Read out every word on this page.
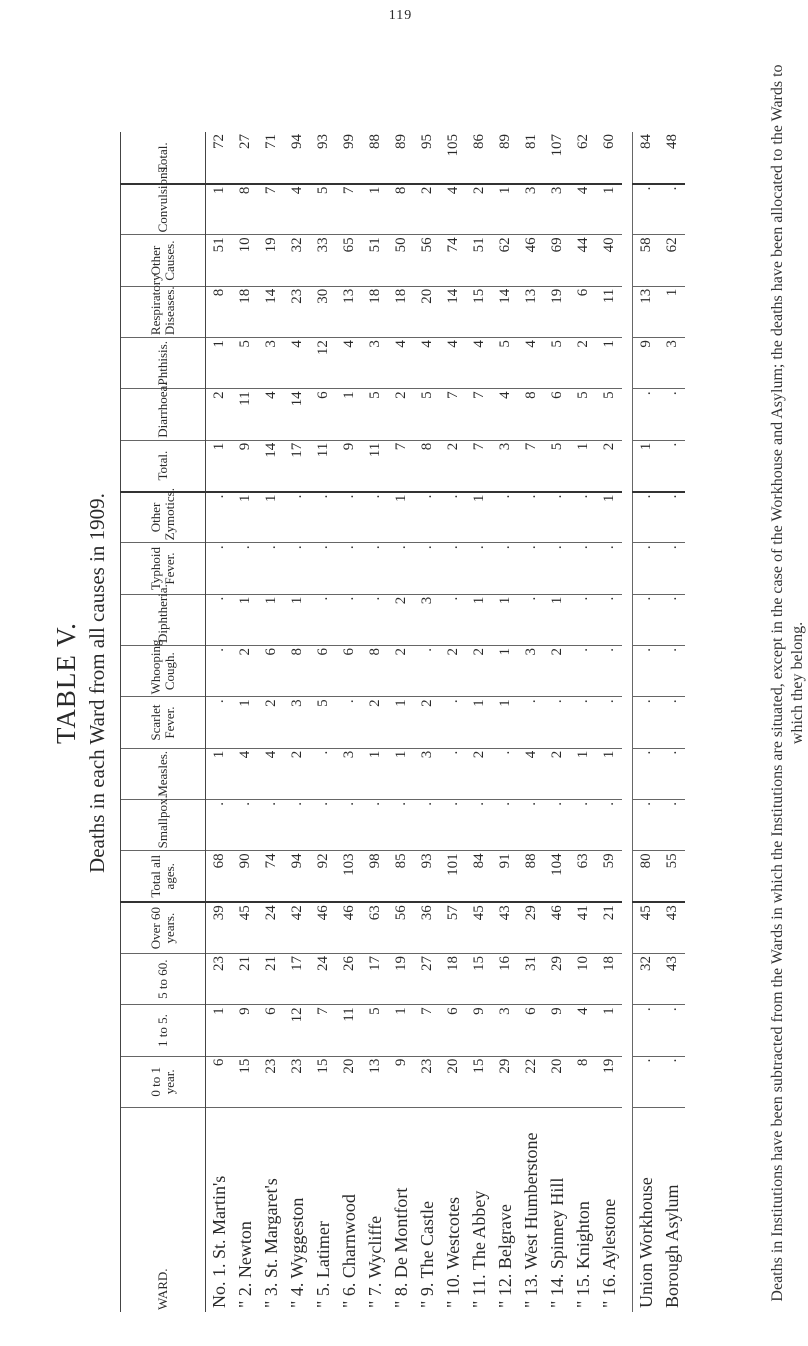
119
TABLE V. Deaths in each Ward from all causes in 1909.
WARD.	0 to 1 year.	1 to 5.	5 to 60.	Over 60 years.	Total all ages.	Smallpox.	Measles.	Scarlet Fever.	Whooping Cough.	Diphtheria.	Typhoid Fever.	Other Zymotics.	Total.	Diarrhoea.	Phthisis.	Respiratory Diseases.	Other Causes.	Convulsions.	Total.
No. 1. St. Martin's	6	1	23	39	68	.	1	.	.	.	.	.	1	2	1	8	51	1	72
" 2. Newton	15	9	21	45	90	.	4	1	2	1	.	1	9	11	5	18	10	8	27
" 3. St. Margaret's	23	6	21	24	74	.	4	2	6	1	.	1	14	4	3	14	19	7	71
" 4. Wyggeston	23	12	17	42	94	.	2	3	8	1	.	.	17	14	4	23	32	4	94
" 5. Latimer	15	7	24	46	92	.	.	5	6	.	.	.	11	6	12	30	33	5	93
" 6. Charnwood	20	11	26	46	103	.	3	.	6	.	.	.	9	1	4	13	65	7	99
" 7. Wycliffe	13	5	17	63	98	.	1	2	8	.	.	.	11	5	3	18	51	1	88
" 8. De Montfort	9	1	19	56	85	.	1	1	2	2	.	1	7	2	4	18	50	8	89
" 9. The Castle	23	7	27	36	93	.	3	2	.	3	.	.	8	5	4	20	56	2	95
" 10. Westcotes	20	6	18	57	101	.	.	.	2	.	.	.	2	7	4	14	74	4	105
" 11. The Abbey	15	9	15	45	84	.	2	1	2	1	.	1	7	7	4	15	51	2	86
" 12. Belgrave	29	3	16	43	91	.	.	1	1	1	.	.	3	4	5	14	62	1	89
" 13. West Humberstone	22	6	31	29	88	.	4	.	3	.	.	.	7	8	4	13	46	3	81
" 14. Spinney Hill	20	9	29	46	104	.	2	.	2	1	.	.	5	6	5	19	69	3	107
" 15. Knighton	8	4	10	41	63	.	1	.	.	.	.	.	1	5	2	6	44	4	62
" 16. Aylestone	19	1	18	21	59	.	1	.	.	.	.	1	2	5	1	11	40	1	60

Union Workhouse	.	.	32	45	80	.	.	.	.	.	.	.	1	.	9	13	58	.	84
Borough Asylum	.	.	43	43	55	.	.	.	.	.	.	.	.	.	3	1	62	.	48	Deaths in Institutions have been subtracted from the Wards in which the Institutions are situated, except in the case of the Workhouse and Asylum; the deaths have been allocated to the Wards to which they belong.
